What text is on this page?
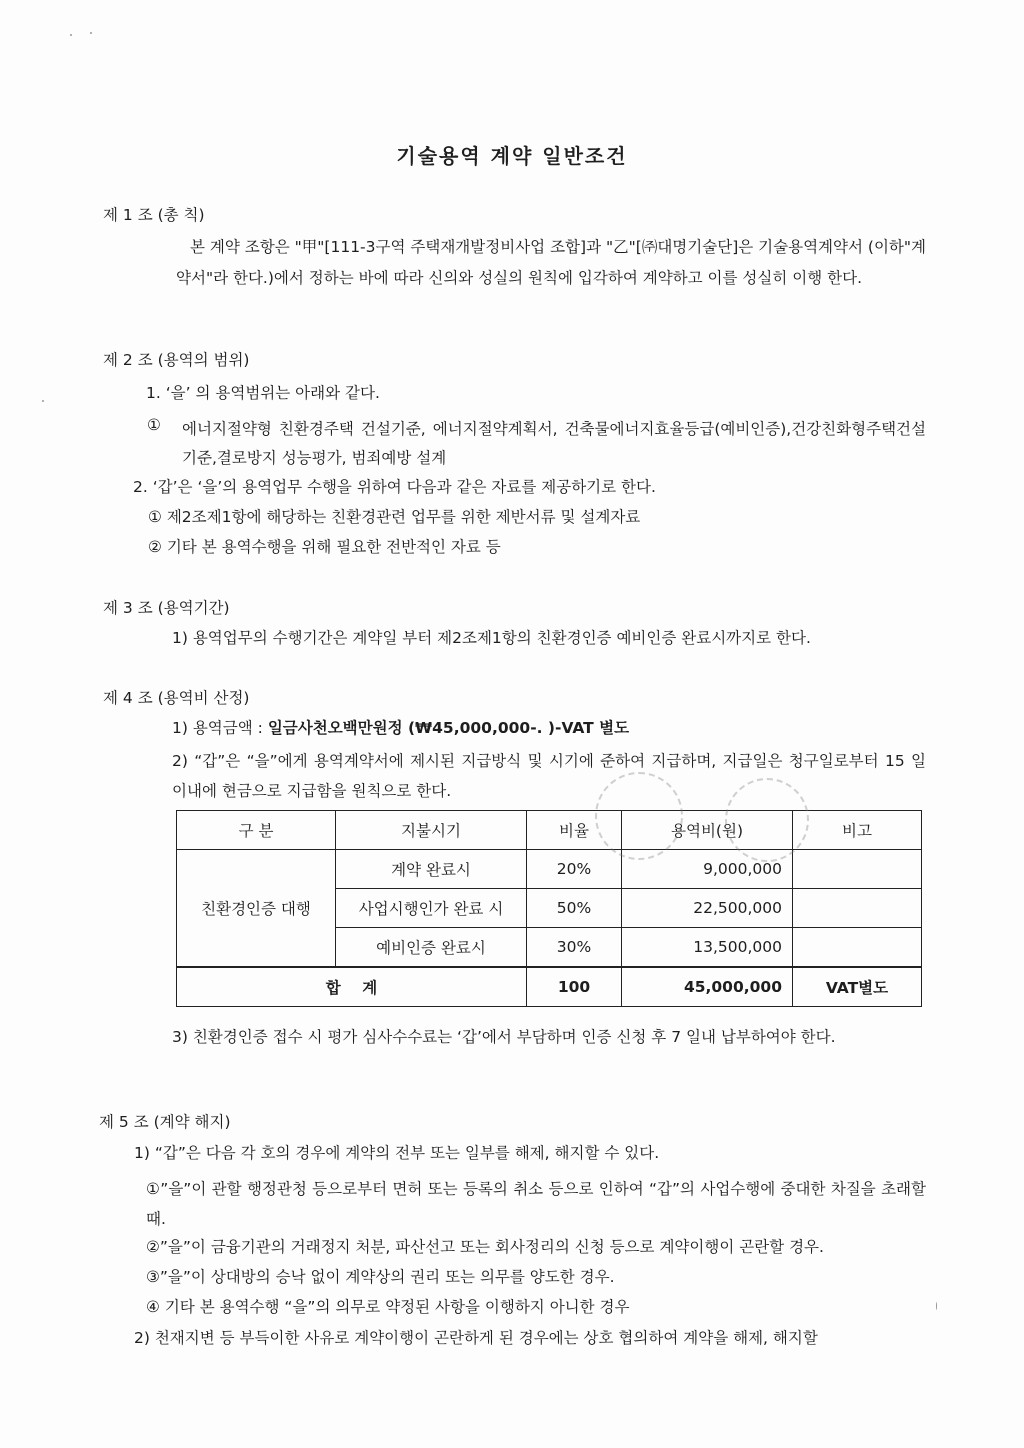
기술용역 계약 일반조건
제 1 조 (총 칙)
본 계약 조항은 "甲"[111-3구역 주택재개발정비사업 조합]과 "乙"[㈜대명기술단]은 기술용역계약서 (이하"계약서"라 한다.)에서 정하는 바에 따라 신의와 성실의 원칙에 입각하여 계약하고 이를 성실히 이행 한다.
제 2 조 (용역의 범위)
1. ‘을’ 의 용역범위는 아래와 같다.
① 에너지절약형 친환경주택 건설기준, 에너지절약계획서, 건축물에너지효율등급(예비인증),건강친화형주택건설기준,결로방지 성능평가, 범죄예방 설계
2. ‘갑’은 ‘을’의 용역업무 수행을 위하여 다음과 같은 자료를 제공하기로 한다.
① 제2조제1항에 해당하는 친환경관련 업무를 위한 제반서류 및 설계자료
② 기타 본 용역수행을 위해 필요한 전반적인 자료 등
제 3 조 (용역기간)
1) 용역업무의 수행기간은 계약일 부터 제2조제1항의 친환경인증 예비인증 완료시까지로 한다.
제 4 조 (용역비 산정)
1) 용역금액 : 일금사천오백만원정 (₩45,000,000-. )-VAT 별도
2) “갑”은 “을”에게 용역계약서에 제시된 지급방식 및 시기에 준하여 지급하며, 지급일은 청구일로부터 15 일 이내에 현금으로 지급함을 원칙으로 한다.
구 분	지불시기	비율	용역비(원)	비고
친환경인증 대행	계약 완료시	20%	9,000,000	
	사업시행인가 완료 시	50%	22,500,000	
	예비인증 완료시	30%	13,500,000	
합    계		100	45,000,000	VAT별도
3) 친환경인증 접수 시 평가 심사수수료는 ‘갑’에서 부담하며 인증 신청 후 7 일내 납부하여야 한다.
제 5 조 (계약 해지)
1) “갑”은 다음 각 호의 경우에 계약의 전부 또는 일부를 해제, 해지할 수 있다.
①”을”이 관할 행정관청 등으로부터 면허 또는 등록의 취소 등으로 인하여 “갑”의 사업수행에 중대한 차질을 초래할 때.
②”을”이 금융기관의 거래정지 처분, 파산선고 또는 회사정리의 신청 등으로 계약이행이 곤란할 경우.
③”을”이 상대방의 승낙 없이 계약상의 권리 또는 의무를 양도한 경우.
④ 기타 본 용역수행 “을”의 의무로 약정된 사항을 이행하지 아니한 경우
2) 천재지변 등 부득이한 사유로 계약이행이 곤란하게 된 경우에는 상호 협의하여 계약을 해제, 해지할
